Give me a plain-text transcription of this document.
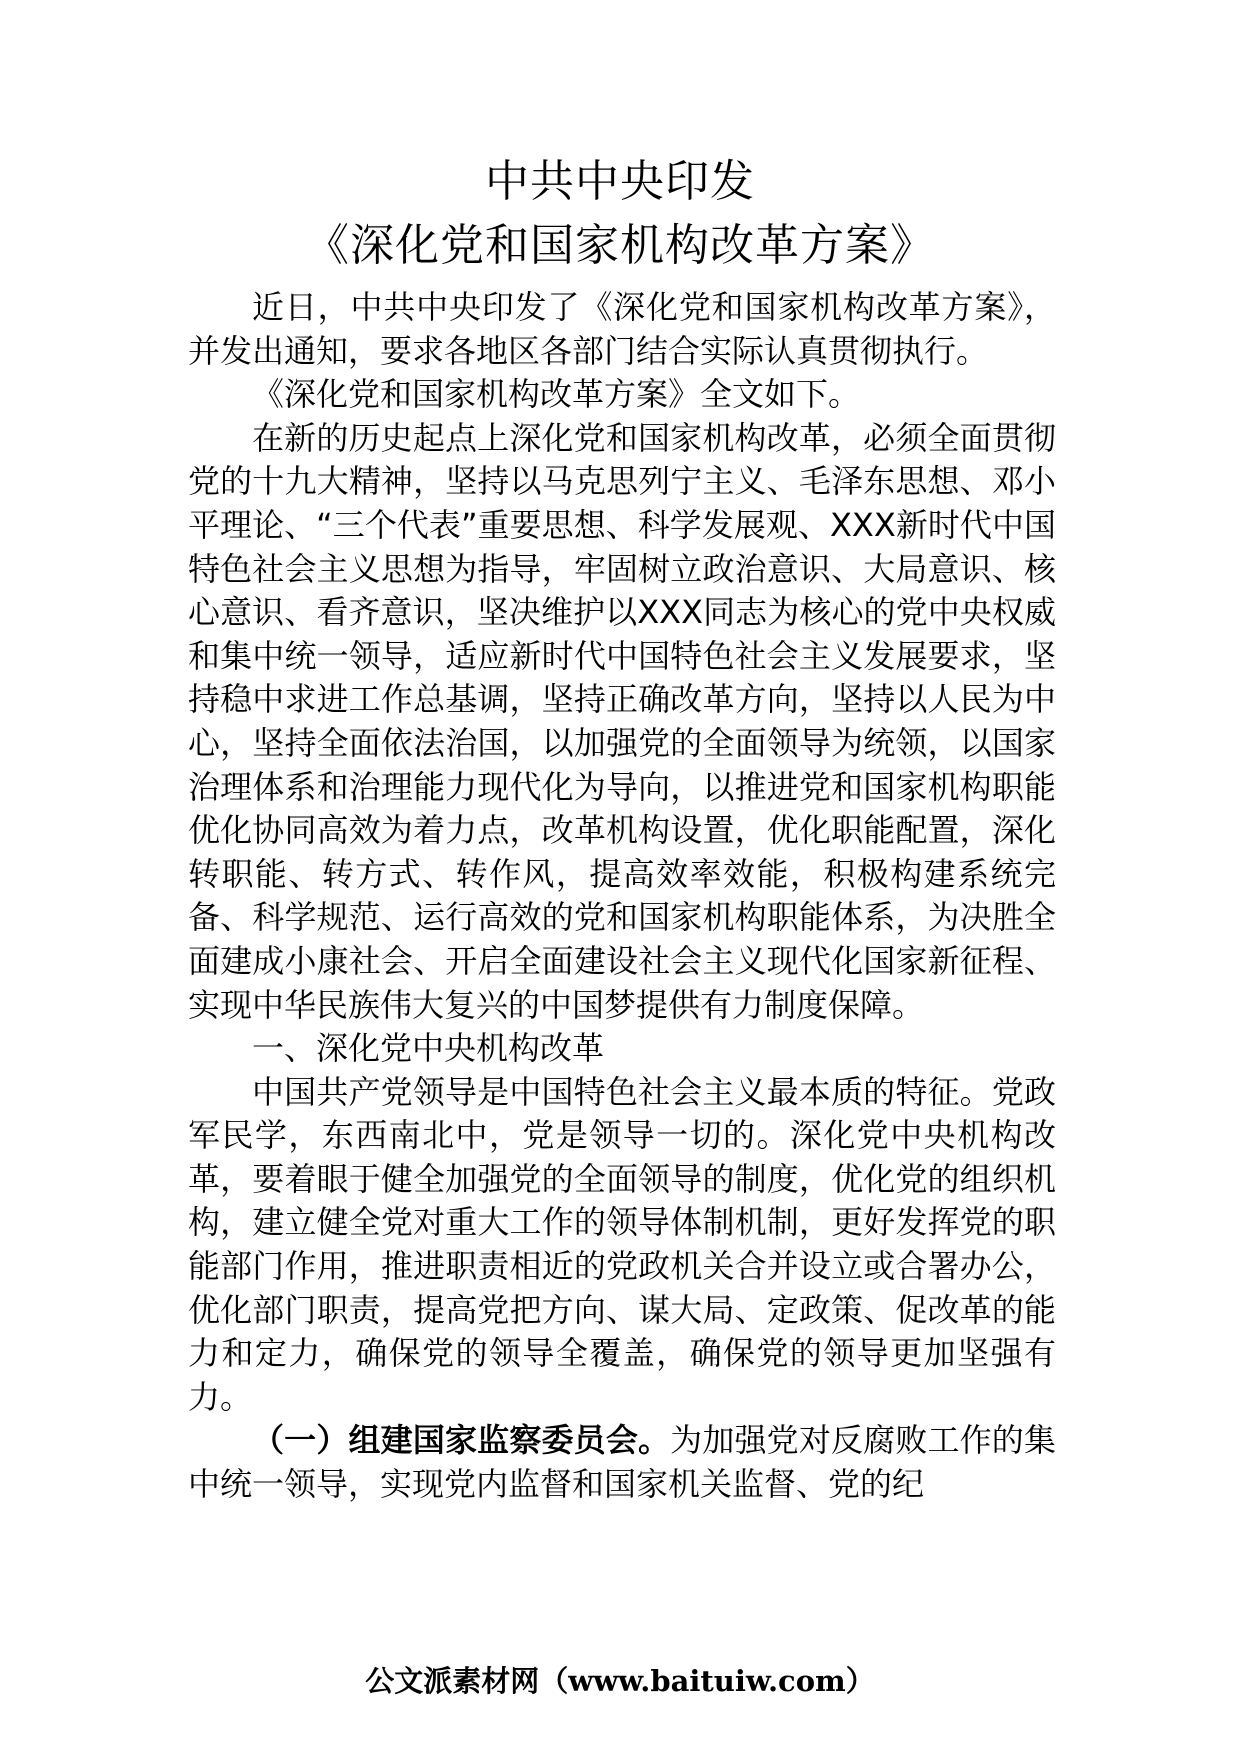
中共中央印发
《深化党和国家机构改革方案》

近日，中共中央印发了《深化党和国家机构改革方案》，并发出通知，要求各地区各部门结合实际认真贯彻执行。

《深化党和国家机构改革方案》全文如下。

在新的历史起点上深化党和国家机构改革，必须全面贯彻党的十九大精神，坚持以马克思列宁主义、毛泽东思想、邓小平理论、“三个代表”重要思想、科学发展观、XXX新时代中国特色社会主义思想为指导，牢固树立政治意识、大局意识、核心意识、看齐意识，坚决维护以XXX同志为核心的党中央权威和集中统一领导，适应新时代中国特色社会主义发展要求，坚持稳中求进工作总基调，坚持正确改革方向，坚持以人民为中心，坚持全面依法治国，以加强党的全面领导为统领，以国家治理体系和治理能力现代化为导向，以推进党和国家机构职能优化协同高效为着力点，改革机构设置，优化职能配置，深化转职能、转方式、转作风，提高效率效能，积极构建系统完备、科学规范、运行高效的党和国家机构职能体系，为决胜全面建成小康社会、开启全面建设社会主义现代化国家新征程、实现中华民族伟大复兴的中国梦提供有力制度保障。

一、深化党中央机构改革

中国共产党领导是中国特色社会主义最本质的特征。党政军民学，东西南北中，党是领导一切的。深化党中央机构改革，要着眼于健全加强党的全面领导的制度，优化党的组织机构，建立健全党对重大工作的领导体制机制，更好发挥党的职能部门作用，推进职责相近的党政机关合并设立或合署办公，优化部门职责，提高党把方向、谋大局、定政策、促改革的能力和定力，确保党的领导全覆盖，确保党的领导更加坚强有力。

（一）组建国家监察委员会。为加强党对反腐败工作的集中统一领导，实现党内监督和国家机关监督、党的纪

公文派素材网（www.baituiw.com）
